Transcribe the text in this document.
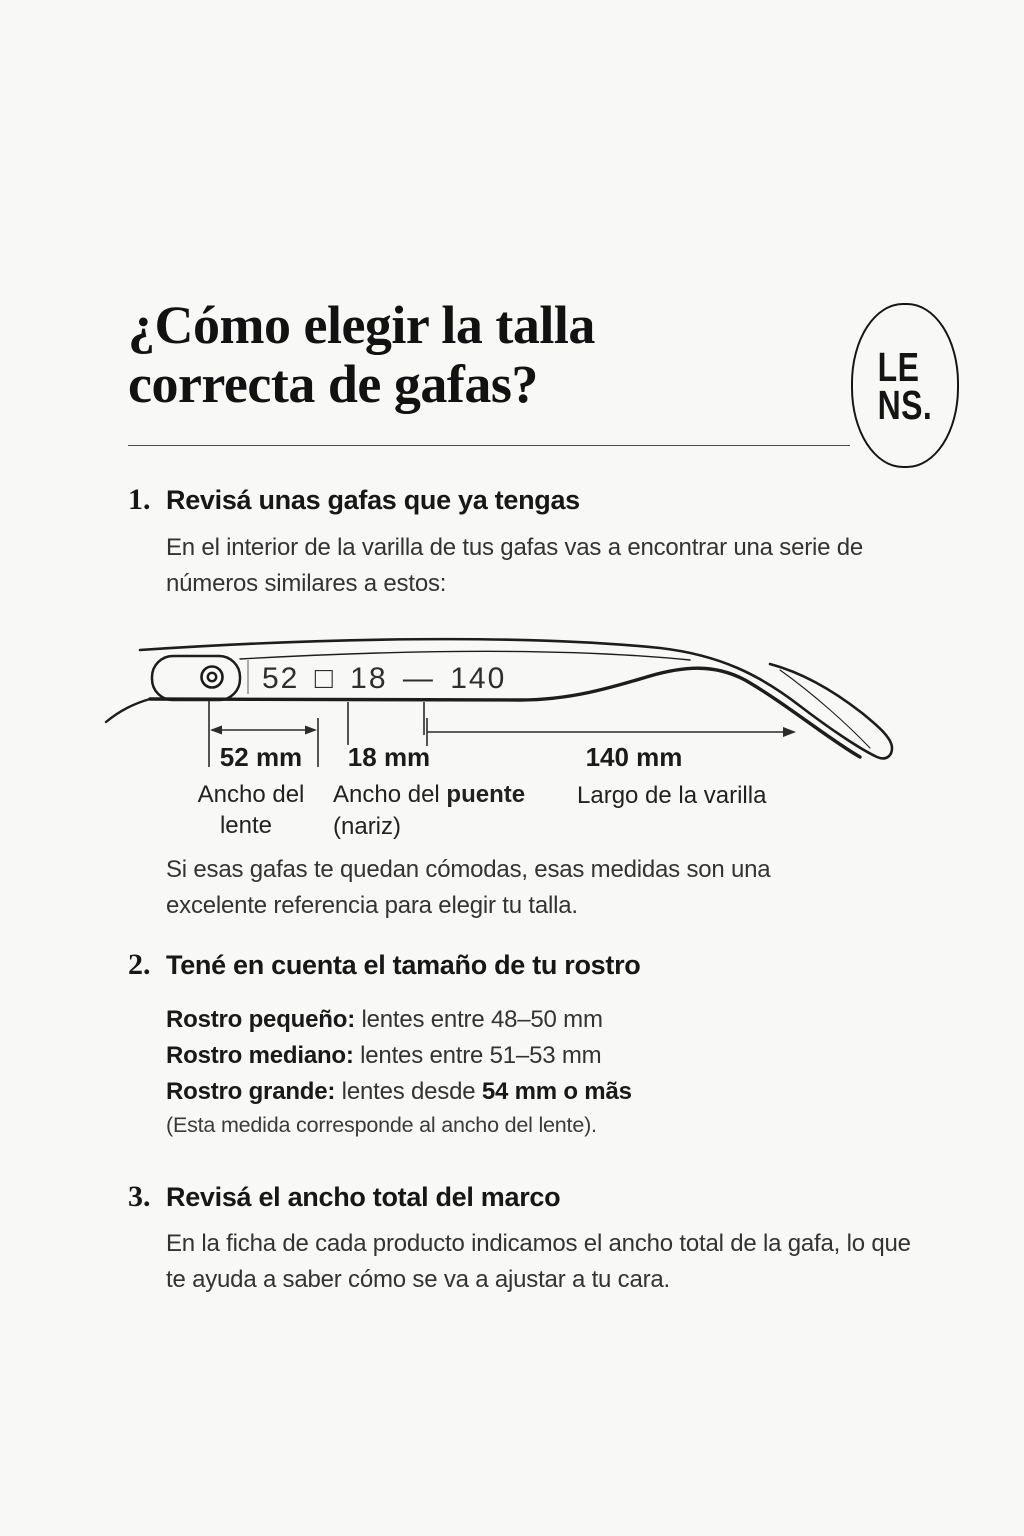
¿Cómo elegir la talla
correcta de gafas?	LE
NS.
1. Revisá unas gafas que ya tengas
En el interior de la varilla de tus gafas vas a encontrar una serie de números similares a estos:
52 □ 18 — 140
52 mm 18 mm	140 mm
Ancho del
lente
Ancho del puente
(nariz)
Largo de la varilla
Si esas gafas te quedan cómodas, esas medidas son una excelente referencia para elegir tu talla.
2. Tené en cuenta el tamaño de tu rostro
Rostro pequeño: lentes entre 48–50 mm
Rostro mediano: lentes entre 51–53 mm
Rostro grande: lentes desde 54 mm o mãs
(Esta medida corresponde al ancho del lente).
3. Revisá el ancho total del marco
En la ficha de cada producto indicamos el ancho total de la gafa, lo que te ayuda a saber cómo se va a ajustar a tu cara.
